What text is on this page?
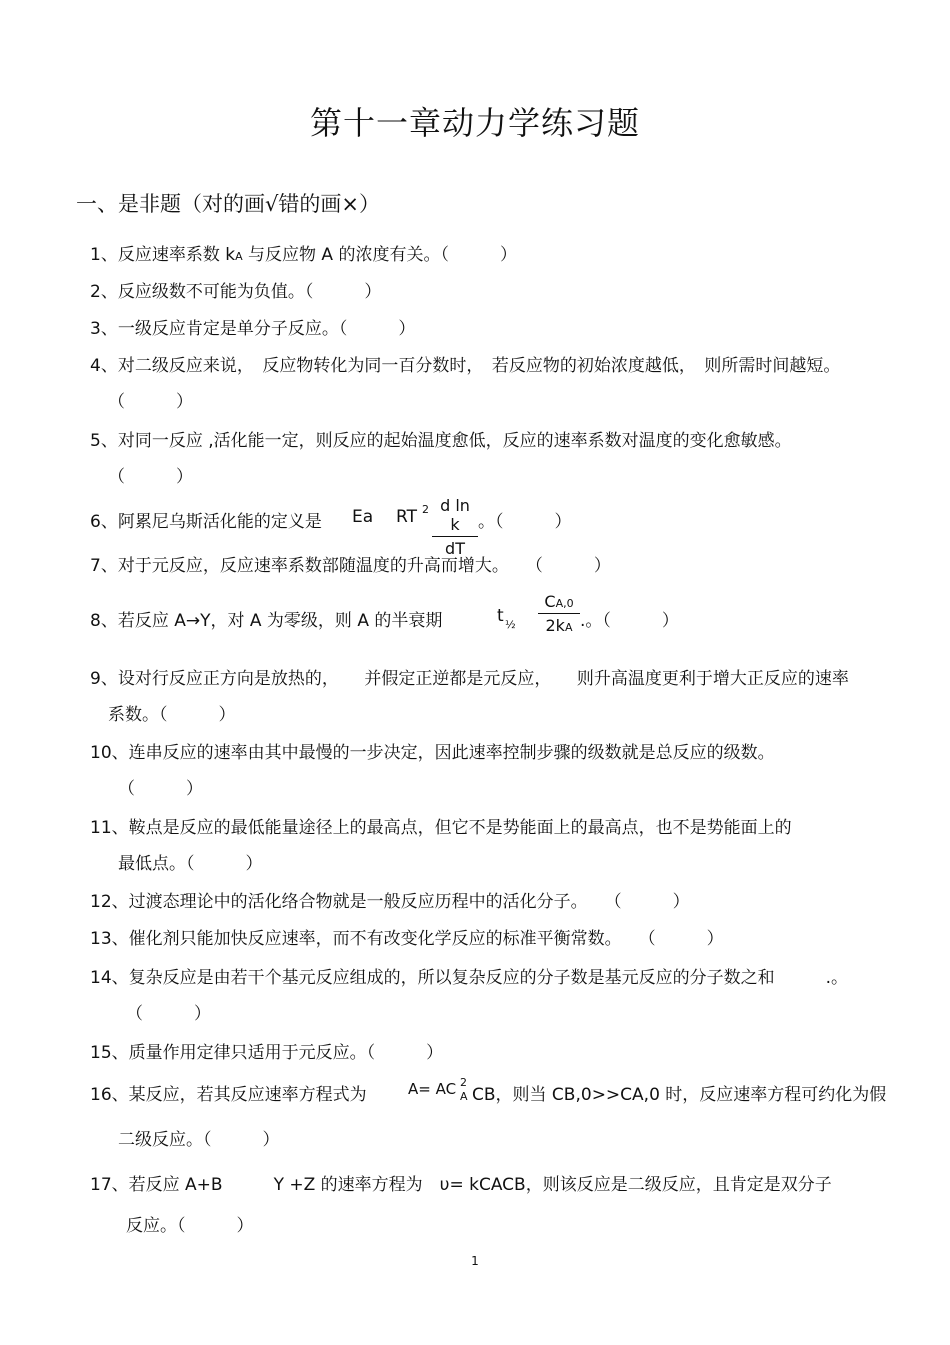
第十一章动力学练习题
一、是非题（对的画√错的画×）
1、反应速率系数 kA 与反应物 A 的浓度有关。（　　　）
2、反应级数不可能为负值。（　　　）
3、一级反应肯定是单分子反应。（　　　）
4、对二级反应来说，　反应物转化为同一百分数时，　若反应物的初始浓度越低，　则所需时间越短。
（　　　）
5、对同一反应 ,活化能一定，则反应的起始温度愈低，反应的速率系数对温度的变化愈敏感。
（　　　）
6、阿累尼乌斯活化能的定义是 Ea RT 2 d ln k
dT
。（　　　）
7、对于元反应，反应速率系数部随温度的升高而增大。　　（　　　）
8、若反应 A→Y，对 A 为零级，则 A 的半衰期	t ½
CA,0
2kA .。（　　　）
9、设对行反应正方向是放热的，　　并假定正逆都是元反应，　　则升高温度更利于增大正反应的速率
系数。（　　　）
10、连串反应的速率由其中最慢的一步决定，因此速率控制步骤的级数就是总反应的级数。
（　　　）
11、鞍点是反应的最低能量途径上的最高点，但它不是势能面上的最高点，也不是势能面上的
最低点。（　　　）
12、过渡态理论中的活化络合物就是一般反应历程中的活化分子。　　（　　　）
13、催化剂只能加快反应速率，而不有改变化学反应的标准平衡常数。　　（　　　）
14、复杂反应是由若干个基元反应组成的，所以复杂反应的分子数是基元反应的分子数之和　　　.。
（　　　）
15、质量作用定律只适用于元反应。（　　　）
16、某反应，若其反应速率方程式为　 A= AC 2
A CB，则当 CB,0>>CA,0 时，反应速率方程可约化为假
二级反应。（　　　）
17、若反应 A+B　　　Y +Z 的速率方程为　υ= kCACB，则该反应是二级反应，且肯定是双分子
反应。（　　　）
1
